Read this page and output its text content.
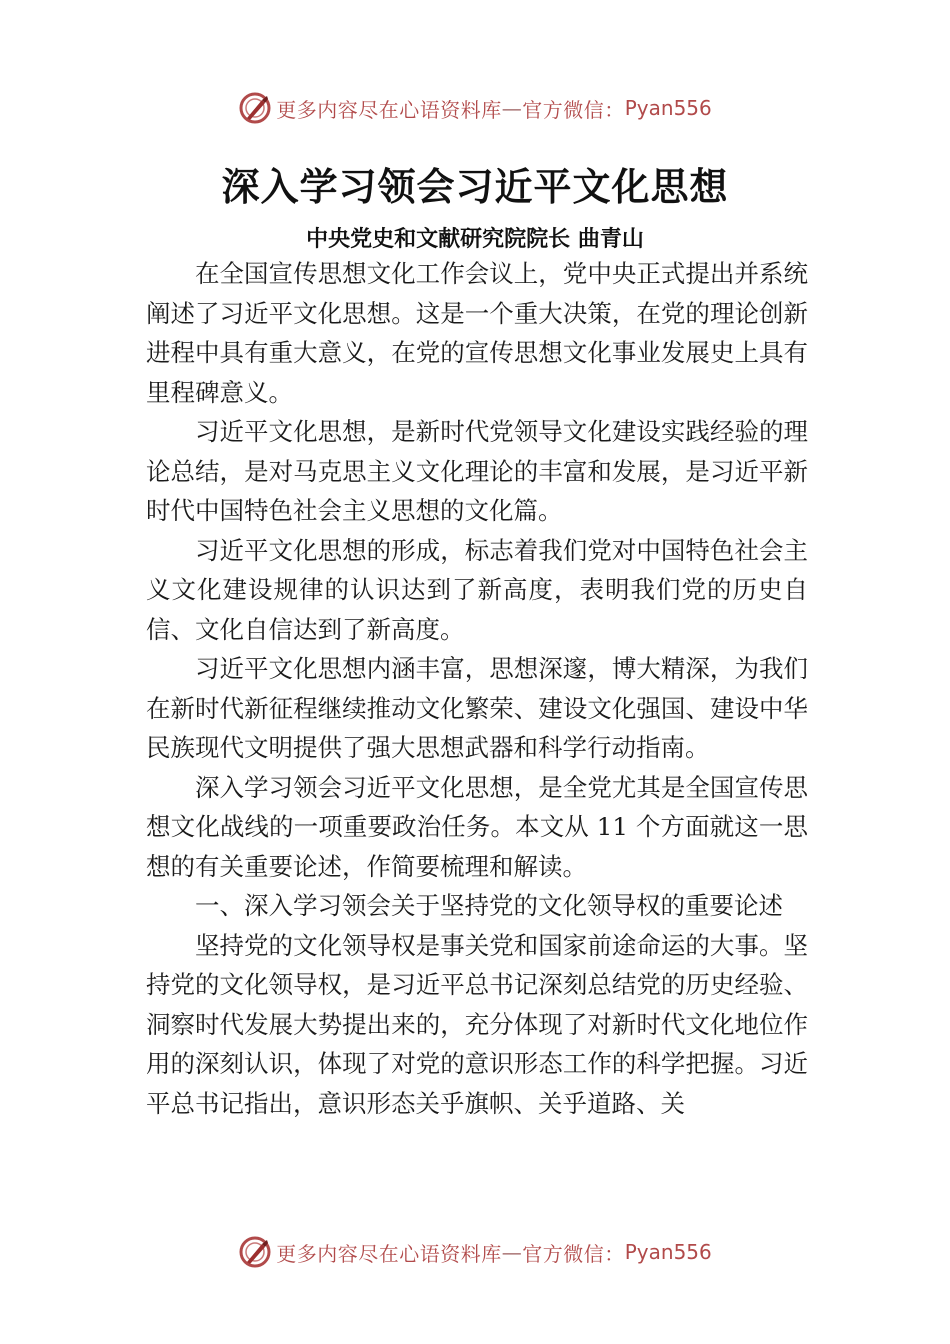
更多内容尽在心语资料库 — 官方微信： Pyan556
深入学习领会习近平文化思想
中央党史和文献研究院院长 曲青山

在全国宣传思想文化工作会议上，党中央正式提出并系统阐述了习近平文化思想。这是一个重大决策，在党的理论创新进程中具有重大意义，在党的宣传思想文化事业发展史上具有里程碑意义。

习近平文化思想，是新时代党领导文化建设实践经验的理论总结，是对马克思主义文化理论的丰富和发展，是习近平新时代中国特色社会主义思想的文化篇。

习近平文化思想的形成，标志着我们党对中国特色社会主义文化建设规律的认识达到了新高度，表明我们党的历史自信、文化自信达到了新高度。

习近平文化思想内涵丰富，思想深邃，博大精深，为我们在新时代新征程继续推动文化繁荣、建设文化强国、建设中华民族现代文明提供了强大思想武器和科学行动指南。

深入学习领会习近平文化思想，是全党尤其是全国宣传思想文化战线的一项重要政治任务。本文从 11 个方面就这一思想的有关重要论述，作简要梳理和解读。

一、深入学习领会关于坚持党的文化领导权的重要论述

坚持党的文化领导权是事关党和国家前途命运的大事。坚持党的文化领导权，是习近平总书记深刻总结党的历史经验、洞察时代发展大势提出来的，充分体现了对新时代文化地位作用的深刻认识，体现了对党的意识形态工作的科学把握。习近平总书记指出，意识形态关乎旗帜、关乎道路、关

更多内容尽在心语资料库 — 官方微信： Pyan556
